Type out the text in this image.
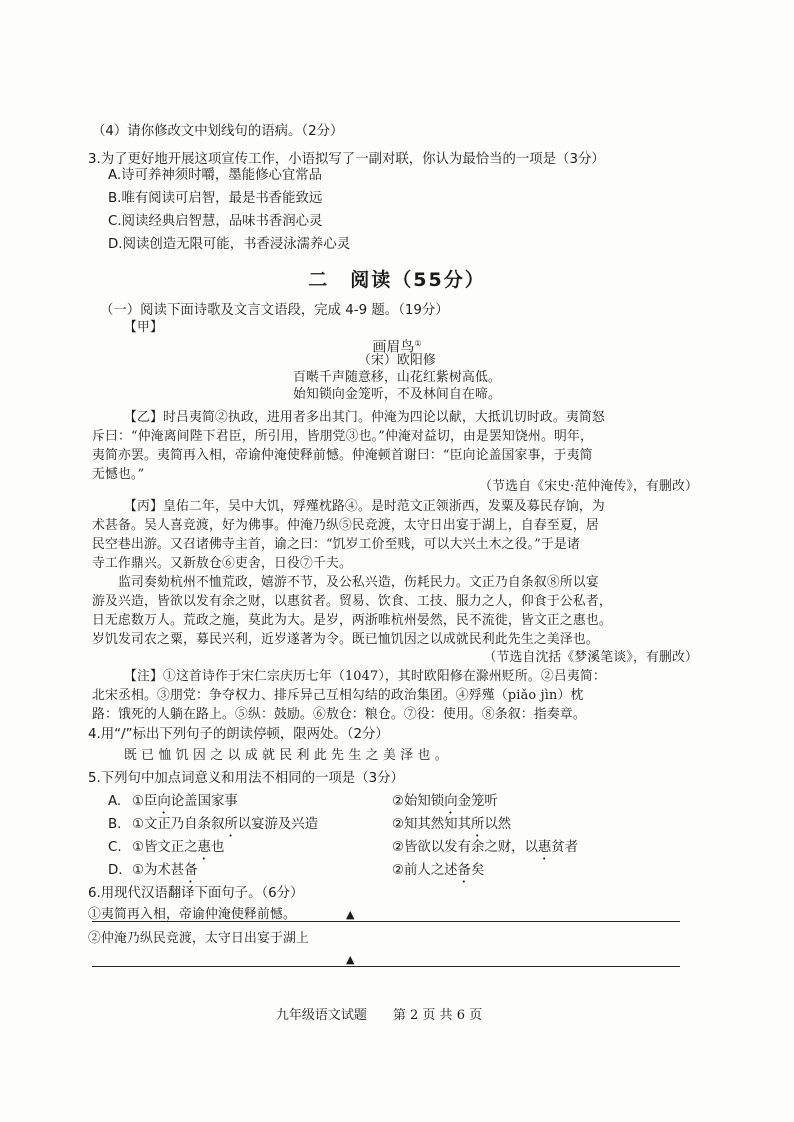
（4）请你修改文中划线句的语病。（2分）
3.为了更好地开展这项宣传工作，小语拟写了一副对联，你认为最恰当的一项是（3分）
A.诗可养神须时嚼，墨能修心宜常品
B.唯有阅读可启智，最是书香能致远
C.阅读经典启智慧，品味书香润心灵
D.阅读创造无限可能，书香浸泳濡养心灵
二　阅读（55分）
（一）阅读下面诗歌及文言文语段，完成 4-9 题。（19分）
【甲】
画眉鸟①
（宋）欧阳修
百啭千声随意移，山花红紫树高低。
始知锁向金笼听，不及林间自在啼。
【乙】时吕夷简②执政，进用者多出其门。仲淹为四论以献，大抵讥切时政。夷简怒
斥曰：“仲淹离间陛下君臣，所引用，皆朋党③也。”仲淹对益切，由是罢知饶州。明年，
夷简亦罢。夷简再入相，帝谕仲淹使释前憾。仲淹顿首谢曰：“臣向论盖国家事，于夷简
无憾也。”
（节选自《宋史·范仲淹传》，有删改）
【丙】皇佑二年，吴中大饥，殍殣枕路④。是时范文正领浙西，发粟及募民存饷，为
术甚备。吴人喜竞渡，好为佛事。仲淹乃纵⑤民竞渡，太守日出宴于湖上，自春至夏，居
民空巷出游。又召诸佛寺主首，谕之曰：“饥岁工价至贱，可以大兴土木之役。”于是诸
寺工作鼎兴。又新敖仓⑥吏舍，日役⑦千夫。
　　监司奏劾杭州不恤荒政，嬉游不节，及公私兴造，伤耗民力。文正乃自条叙⑧所以宴
游及兴造，皆欲以发有余之财，以惠贫者。贸易、饮食、工技、服力之人，仰食于公私者，
日无虑数万人。荒政之施，莫此为大。是岁，两浙唯杭州晏然，民不流徙，皆文正之惠也。
岁饥发司农之粟，募民兴利，近岁遂著为令。既已恤饥因之以成就民利此先生之美泽也。
（节选自沈括《梦溪笔谈》，有删改）
【注】①这首诗作于宋仁宗庆历七年（1047），其时欧阳修在滁州贬所。②吕夷简：
北宋丞相。③朋党：争夺权力、排斥异己互相勾结的政治集团。④殍殣（piǎo jìn）枕
路：饿死的人躺在路上。⑤纵：鼓励。⑥敖仓：粮仓。⑦役：使用。⑧条叙：指奏章。
4.用“/”标出下列句子的朗读停顿，限两处。（2分）
既 已 恤 饥 因 之 以 成 就 民 利 此 先 生 之 美 泽 也 。
5.下列句中加点词意义和用法不相同的一项是（3分）
A. ①臣向论盖国家事	②始知锁向金笼听
B. ①文正乃自条叙所以宴游及兴造	②知其然知其所以然
C. ①皆文正之惠也	②皆欲以发有余之财，以惠贫者
D. ①为术甚备	②前人之述备矣
6.用现代汉语翻译下面句子。（6分）
①夷简再入相，帝谕仲淹使释前憾。	▲
②仲淹乃纵民竞渡，太守日出宴于湖上
▲
九年级语文试题　　第 2 页 共 6 页
